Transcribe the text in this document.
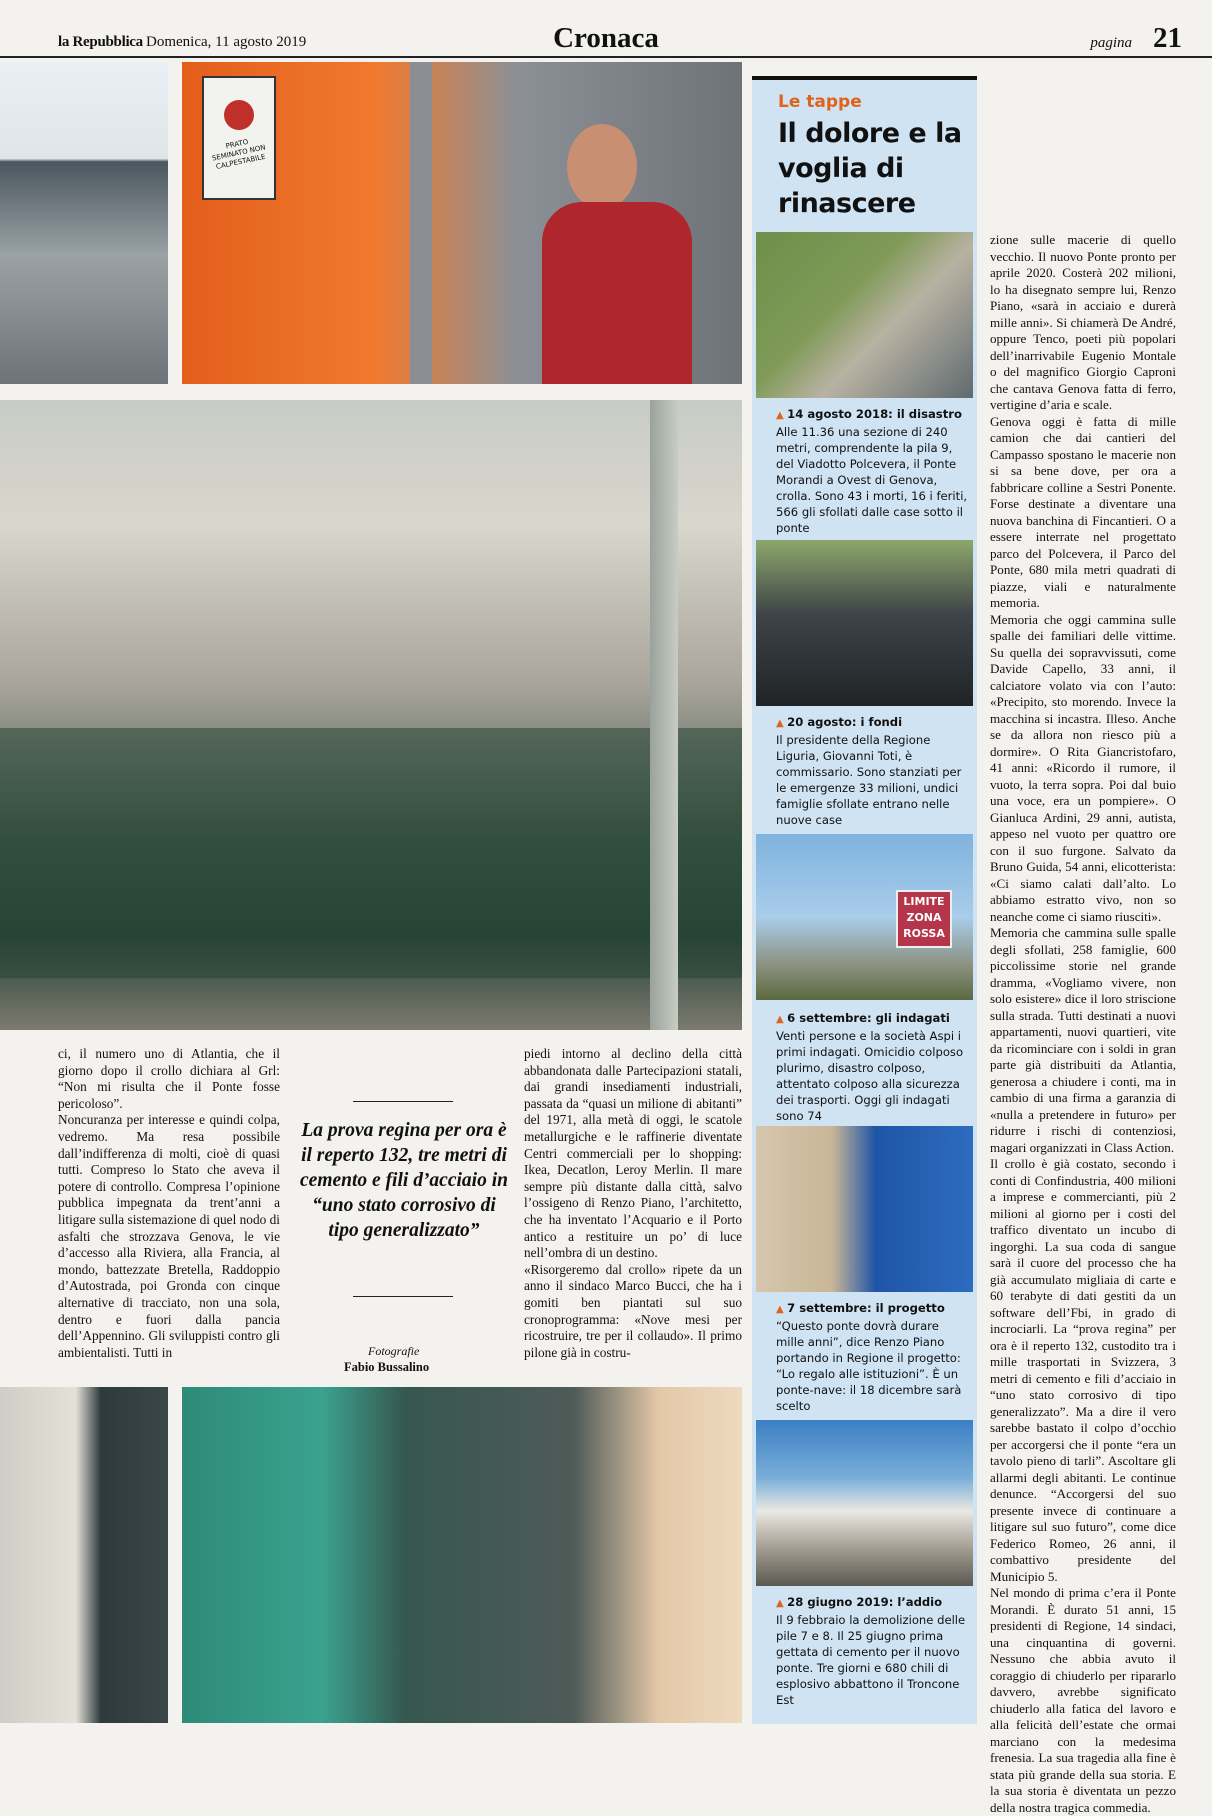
la Repubblica Domenica, 11 agosto 2019	Cronaca	pagina 21
PRATO SEMINATO NON CALPESTABILE
Le tappe
Il dolore e la voglia di rinascere
▲ 14 agosto 2018: il disastro
Alle 11.36 una sezione di 240 metri, comprendente la pila 9, del Viadotto Polcevera, il Ponte Morandi a Ovest di Genova, crolla. Sono 43 i morti, 16 i feriti, 566 gli sfollati dalle case sotto il ponte
▲ 20 agosto: i fondi
Il presidente della Regione Liguria, Giovanni Toti, è commissario. Sono stanziati per le emergenze 33 milioni, undici famiglie sfollate entrano nelle nuove case
LIMITE ZONA ROSSA
▲ 6 settembre: gli indagati
Venti persone e la società Aspi i primi indagati. Omicidio colposo plurimo, disastro colposo, attentato colposo alla sicurezza dei trasporti. Oggi gli indagati sono 74
▲ 7 settembre: il progetto
“Questo ponte dovrà durare mille anni”, dice Renzo Piano portando in Regione il progetto: “Lo regalo alle istituzioni”. È un ponte-nave: il 18 dicembre sarà scelto
▲ 28 giugno 2019: l’addio
Il 9 febbraio la demolizione delle pile 7 e 8. Il 25 giugno prima gettata di cemento per il nuovo ponte. Tre giorni e 680 chili di esplosivo abbattono il Troncone Est
ci, il numero uno di Atlantia, che il giorno dopo il crollo dichiara al Grl: “Non mi risulta che il Ponte fosse pericoloso”.
Noncuranza per interesse e quindi colpa, vedremo. Ma resa possibile dall’indifferenza di molti, cioè di quasi tutti. Compreso lo Stato che aveva il potere di controllo. Compresa l’opinione pubblica impegnata da trent’anni a litigare sulla sistemazione di quel nodo di asfalti che strozzava Genova, le vie d’accesso alla Riviera, alla Francia, al mondo, battezzate Bretella, Raddoppio d’Autostrada, poi Gronda con cinque alternative di tracciato, non una sola, dentro e fuori dalla pancia dell’Appennino. Gli sviluppisti contro gli ambientalisti. Tutti in
La prova regina per ora è il reperto 132, tre metri di cemento e fili d’acciaio in “uno stato corrosivo di tipo generalizzato”
Fotografie
Fabio Bussalino
piedi intorno al declino della città abbandonata dalle Partecipazioni statali, dai grandi insediamenti industriali, passata da “quasi un milione di abitanti” del 1971, alla metà di oggi, le scatole metallurgiche e le raffinerie diventate Centri commerciali per lo shopping: Ikea, Decatlon, Leroy Merlin. Il mare sempre più distante dalla città, salvo l’ossigeno di Renzo Piano, l’architetto, che ha inventato l’Acquario e il Porto antico a restituire un po’ di luce nell’ombra di un destino.
«Risorgeremo dal crollo» ripete da un anno il sindaco Marco Bucci, che ha i gomiti ben piantati sul suo cronoprogramma: «Nove mesi per ricostruire, tre per il collaudo». Il primo pilone già in costru-
zione sulle macerie di quello vecchio. Il nuovo Ponte pronto per aprile 2020. Costerà 202 milioni, lo ha disegnato sempre lui, Renzo Piano, «sarà in acciaio e durerà mille anni». Si chiamerà De André, oppure Tenco, poeti più popolari dell’inarrivabile Eugenio Montale o del magnifico Giorgio Caproni che cantava Genova fatta di ferro, vertigine d’aria e scale.
Genova oggi è fatta di mille camion che dai cantieri del Campasso spostano le macerie non si sa bene dove, per ora a fabbricare colline a Sestri Ponente. Forse destinate a diventare una nuova banchina di Fincantieri. O a essere interrate nel progettato parco del Polcevera, il Parco del Ponte, 680 mila metri quadrati di piazze, viali e naturalmente memoria.
Memoria che oggi cammina sulle spalle dei familiari delle vittime. Su quella dei sopravvissuti, come Davide Capello, 33 anni, il calciatore volato via con l’auto: «Precipito, sto morendo. Invece la macchina si incastra. Illeso. Anche se da allora non riesco più a dormire». O Rita Giancristofaro, 41 anni: «Ricordo il rumore, il vuoto, la terra sopra. Poi dal buio una voce, era un pompiere». O Gianluca Ardini, 29 anni, autista, appeso nel vuoto per quattro ore con il suo furgone. Salvato da Bruno Guida, 54 anni, elicotterista: «Ci siamo calati dall’alto. Lo abbiamo estratto vivo, non so neanche come ci siamo riusciti».
Memoria che cammina sulle spalle degli sfollati, 258 famiglie, 600 piccolissime storie nel grande dramma, «Vogliamo vivere, non solo esistere» dice il loro striscione sulla strada. Tutti destinati a nuovi appartamenti, nuovi quartieri, vite da ricominciare con i soldi in gran parte già distribuiti da Atlantia, generosa a chiudere i conti, ma in cambio di una firma a garanzia di «nulla a pretendere in futuro» per ridurre i rischi di contenziosi, magari organizzati in Class Action.
Il crollo è già costato, secondo i conti di Confindustria, 400 milioni a imprese e commercianti, più 2 milioni al giorno per i costi del traffico diventato un incubo di ingorghi. La sua coda di sangue sarà il cuore del processo che ha già accumulato migliaia di carte e 60 terabyte di dati gestiti da un software dell’Fbi, in grado di incrociarli. La “prova regina” per ora è il reperto 132, custodito tra i mille trasportati in Svizzera, 3 metri di cemento e fili d’acciaio in “uno stato corrosivo di tipo generalizzato”. Ma a dire il vero sarebbe bastato il colpo d’occhio per accorgersi che il ponte “era un tavolo pieno di tarli”. Ascoltare gli allarmi degli abitanti. Le continue denunce. “Accorgersi del suo presente invece di continuare a litigare sul suo futuro”, come dice Federico Romeo, 26 anni, il combattivo presidente del Municipio 5.
Nel mondo di prima c’era il Ponte Morandi. È durato 51 anni, 15 presidenti di Regione, 14 sindaci, una cinquantina di governi. Nessuno che abbia avuto il coraggio di chiuderlo per ripararlo davvero, avrebbe significato chiuderlo alla fatica del lavoro e alla felicità dell’estate che ormai marciano con la medesima frenesia. La sua tragedia alla fine è stata più grande della sua storia. E la sua storia è diventata un pezzo della nostra tragica commedia.
